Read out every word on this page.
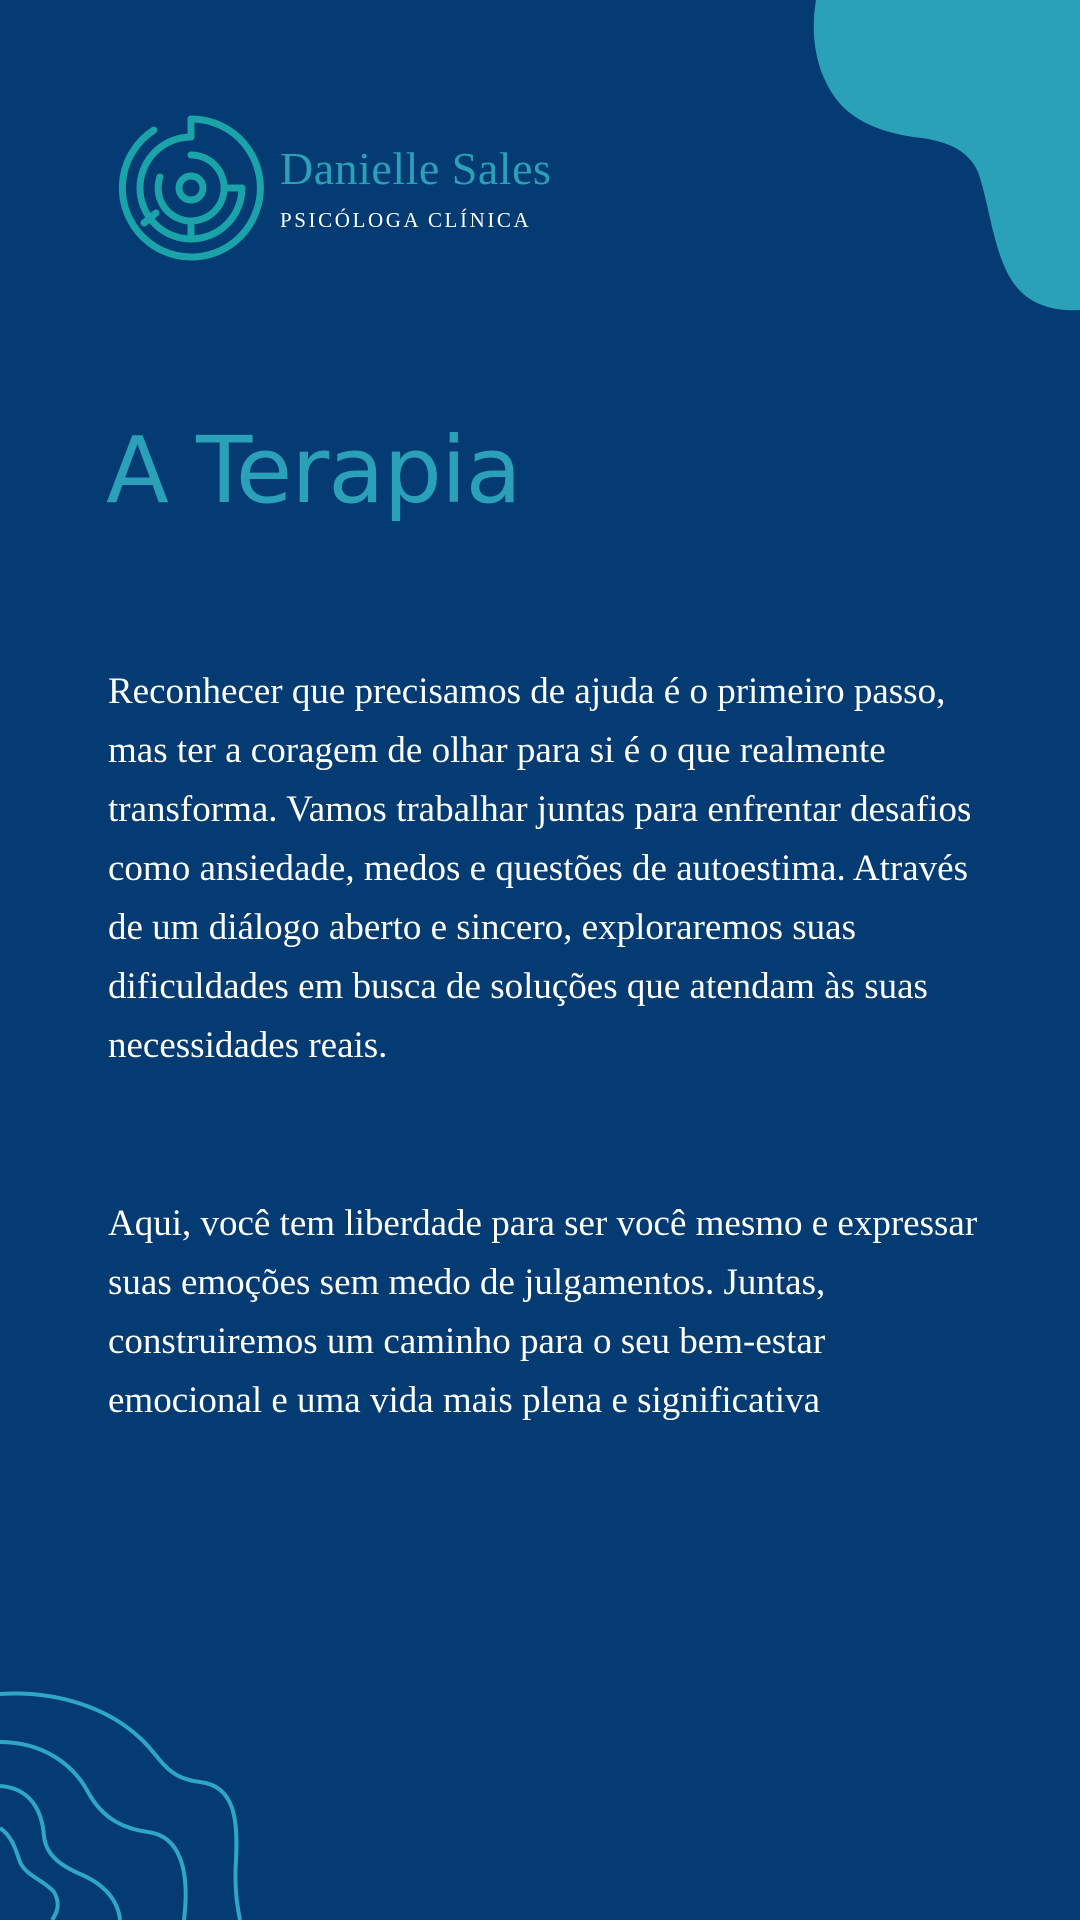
Danielle Sales
PSICÓLOGA CLÍNICA
A Terapia

Reconhecer que precisamos de ajuda é o primeiro passo, mas ter a coragem de olhar para si é o que realmente transforma. Vamos trabalhar juntas para enfrentar desafios como ansiedade, medos e questões de autoestima. Através de um diálogo aberto e sincero, exploraremos suas dificuldades em busca de soluções que atendam às suas necessidades reais.

Aqui, você tem liberdade para ser você mesmo e expressar suas emoções sem medo de julgamentos. Juntas, construiremos um caminho para o seu bem-estar emocional e uma vida mais plena e significativa
